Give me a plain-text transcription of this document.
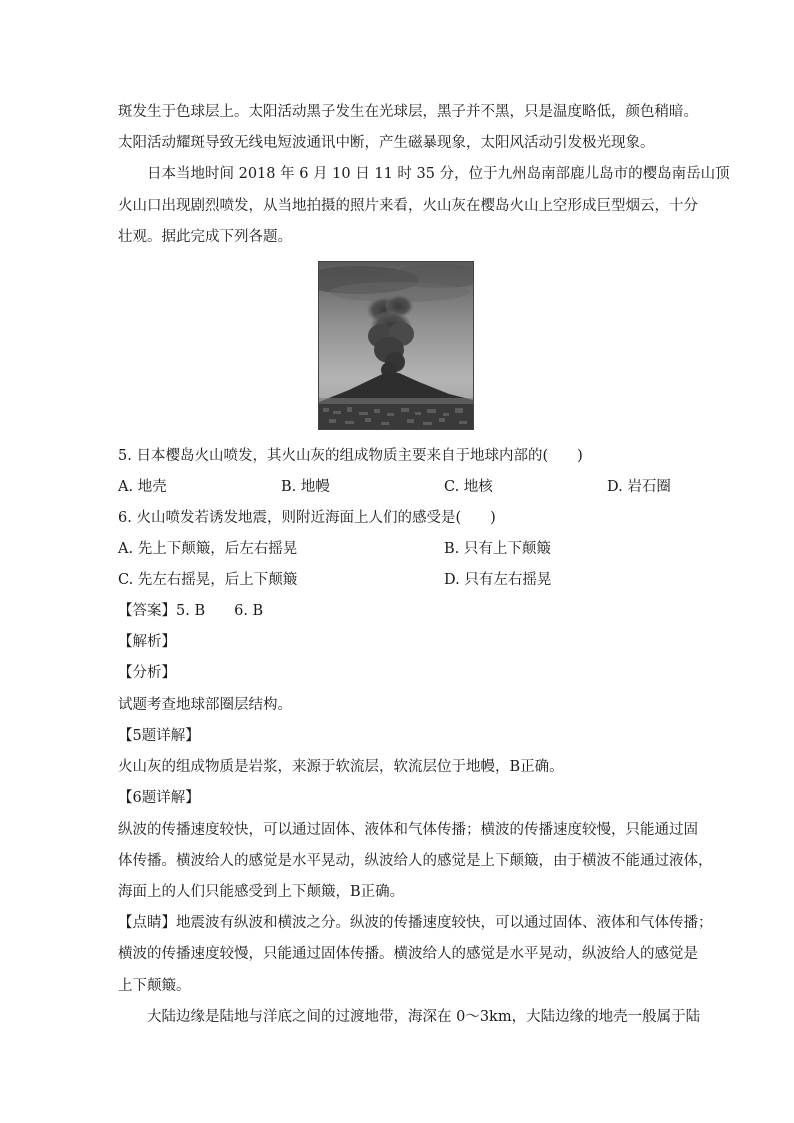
斑发生于色球层上。太阳活动黑子发生在光球层，黑子并不黑，只是温度略低，颜色稍暗。
太阳活动耀斑导致无线电短波通讯中断，产生磁暴现象，太阳风活动引发极光现象。
日本当地时间 2018 年 6 月 10 日 11 时 35 分，位于九州岛南部鹿儿岛市的樱岛南岳山顶
火山口出现剧烈喷发，从当地拍摄的照片来看，火山灰在樱岛火山上空形成巨型烟云，十分
壮观。据此完成下列各题。
5. 日本樱岛火山喷发，其火山灰的组成物质主要来自于地球内部的(　　)
A. 地壳	B. 地幔	C. 地核	D. 岩石圈
6. 火山喷发若诱发地震，则附近海面上人们的感受是(　　)
A. 先上下颠簸，后左右摇晃	B. 只有上下颠簸
C. 先左右摇晃，后上下颠簸	D. 只有左右摇晃
【答案】5. B　　6. B
【解析】
【分析】
试题考查地球部圈层结构。
【5题详解】
火山灰的组成物质是岩浆，来源于软流层，软流层位于地幔，B正确。
【6题详解】
纵波的传播速度较快，可以通过固体、液体和气体传播；横波的传播速度较慢，只能通过固
体传播。横波给人的感觉是水平晃动，纵波给人的感觉是上下颠簸，由于横波不能通过液体，
海面上的人们只能感受到上下颠簸，B正确。
【点睛】地震波有纵波和横波之分。纵波的传播速度较快，可以通过固体、液体和气体传播；
横波的传播速度较慢，只能通过固体传播。横波给人的感觉是水平晃动，纵波给人的感觉是
上下颠簸。
大陆边缘是陆地与洋底之间的过渡地带，海深在 0～3km，大陆边缘的地壳一般属于陆
